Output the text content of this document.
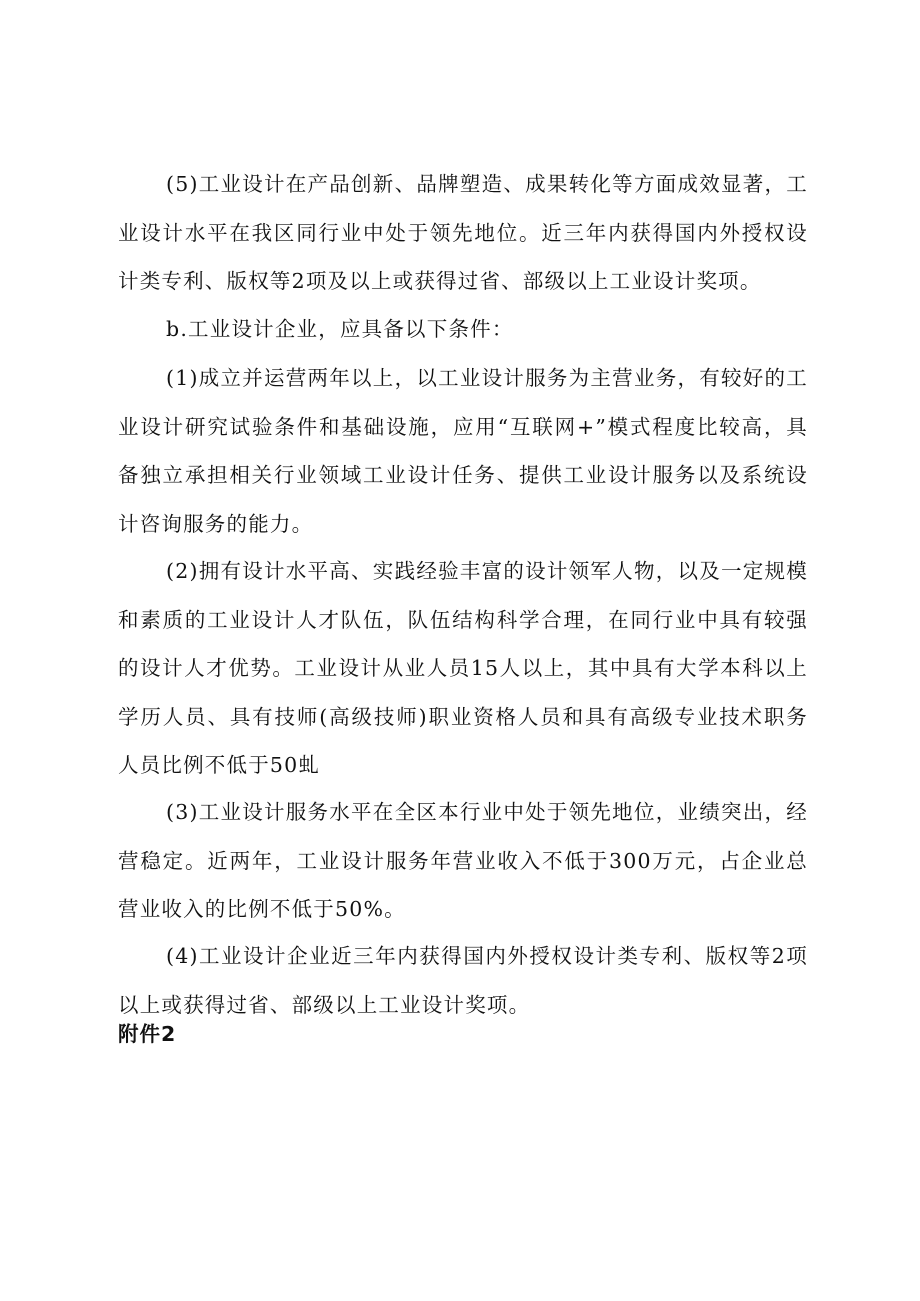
(5)工业设计在产品创新、品牌塑造、成果转化等方面成效显著，工业设计水平在我区同行业中处于领先地位。近三年内获得国内外授权设计类专利、版权等2项及以上或获得过省、部级以上工业设计奖项。

b.工业设计企业，应具备以下条件：

(1)成立并运营两年以上，以工业设计服务为主营业务，有较好的工业设计研究试验条件和基础设施，应用“互联网+”模式程度比较高，具备独立承担相关行业领域工业设计任务、提供工业设计服务以及系统设计咨询服务的能力。

(2)拥有设计水平高、实践经验丰富的设计领军人物，以及一定规模和素质的工业设计人才队伍，队伍结构科学合理，在同行业中具有较强的设计人才优势。工业设计从业人员15人以上，其中具有大学本科以上学历人员、具有技师(高级技师)职业资格人员和具有高级专业技术职务人员比例不低于50虬

(3)工业设计服务水平在全区本行业中处于领先地位，业绩突出，经营稳定。近两年，工业设计服务年营业收入不低于300万元，占企业总营业收入的比例不低于50%。

(4)工业设计企业近三年内获得国内外授权设计类专利、版权等2项以上或获得过省、部级以上工业设计奖项。

附件2
